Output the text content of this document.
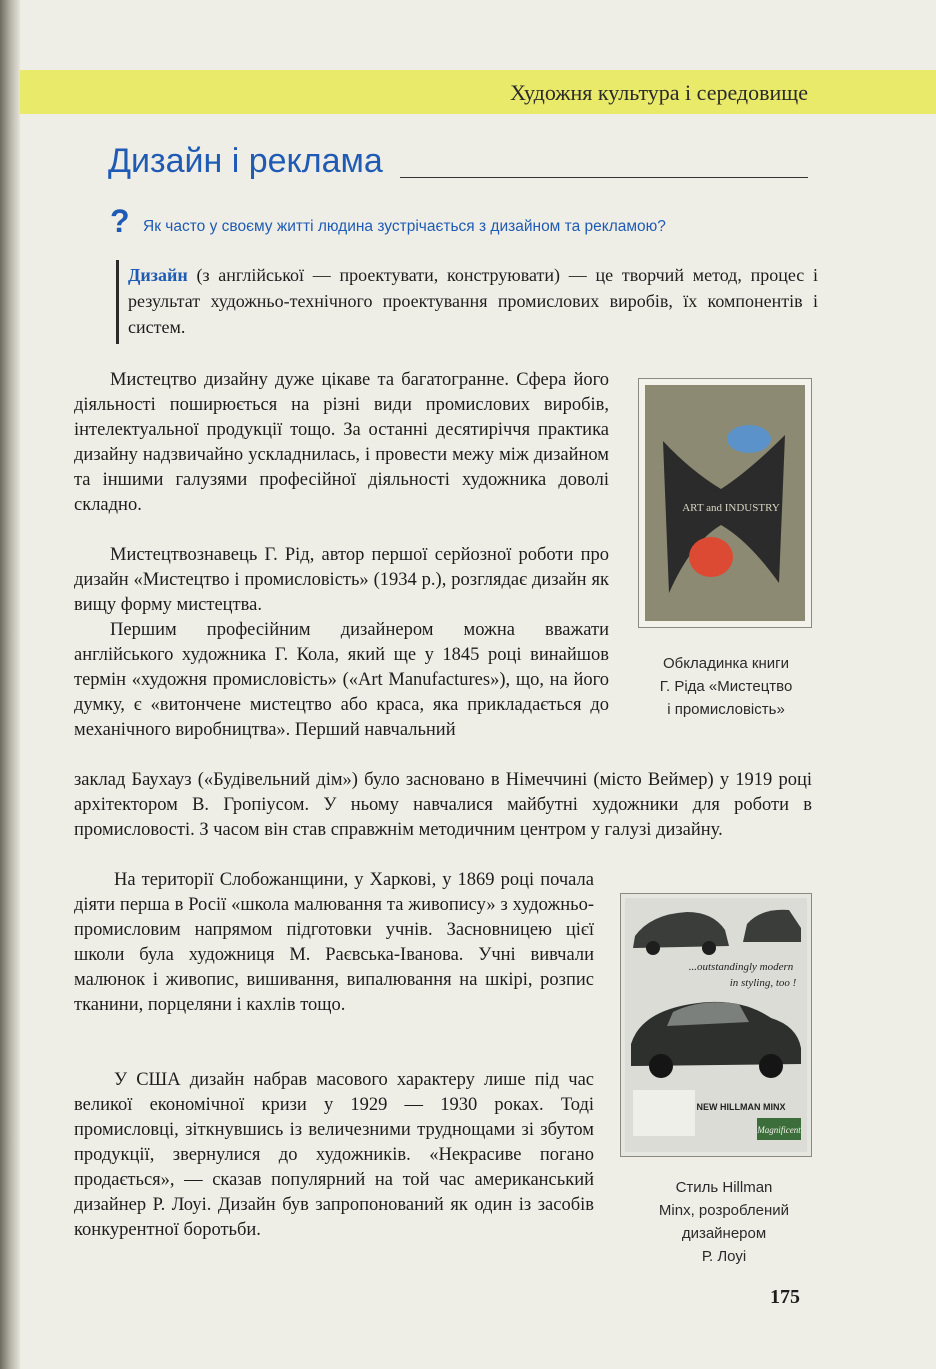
Художня культура і середовище
Дизайн і реклама
? Як часто у своєму житті людина зустрічається з дизайном та рекламою?
Дизайн (з англійської — проектувати, конструювати) — це творчий метод, процес і результат художньо-технічного проектування промислових виробів, їх компонентів і систем.

Мистецтво дизайну дуже цікаве та багатогранне. Сфера його діяльності поширюється на різні види промислових виробів, інтелектуальної продукції тощо. За останні десятиріччя практика дизайну надзвичайно ускладнилась, і провести межу між дизайном та іншими галузями професійної діяльності художника доволі складно.

Мистецтвознавець Г. Рід, автор першої серйозної роботи про дизайн «Мистецтво і промисловість» (1934 р.), розглядає дизайн як вищу форму мистецтва.

Першим професійним дизайнером можна вважати англійського художника Г. Кола, який ще у 1845 році винайшов термін «художня промисловість» («Art Manufactures»), що, на його думку, є «витончене мистецтво або краса, яка прикладається до механічного виробництва». Перший навчальний

заклад Баухауз («Будівельний дім») було засновано в Німеччині (місто Веймер) у 1919 році архітектором В. Гропіусом. У ньому навчалися майбутні художники для роботи в промисловості. З часом він став справжнім методичним центром у галузі дизайну.

На території Слобожанщини, у Харкові, у 1869 році почала діяти перша в Росії «школа малювання та живопису» з художньо-промисловим напрямом підготовки учнів. Засновницею цієї школи була художниця М. Раєвська-Іванова. Учні вивчали малюнок і живопис, вишивання, випалювання на шкірі, розпис тканини, порцеляни і кахлів тощо.

У США дизайн набрав масового характеру лише під час великої економічної кризи у 1929 — 1930 роках. Тоді промисловці, зіткнувшись із величезними труднощами зі збутом продукції, звернулися до художників. «Некрасиве погано продається», — сказав популярний на той час американський дизайнер Р. Лоуі. Дизайн був запропонований як один із засобів конкурентної боротьби.

ART and INDUSTRY
Обкладинка книги
Г. Ріда «Мистецтво
і промисловість»
...outstandingly modern
in styling, too !
NEW HILLMAN MINX
Magnificent
Стиль Hillman
Minx, розроблений
дизайнером
Р. Лоуі
175
